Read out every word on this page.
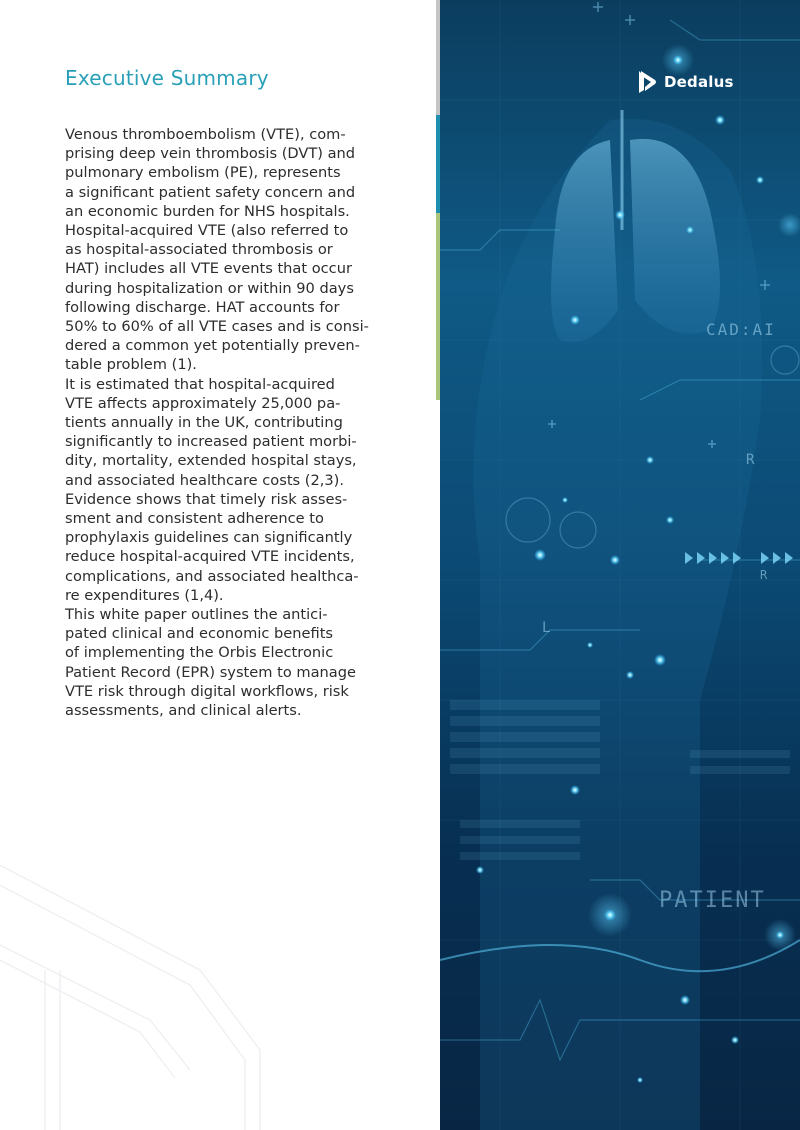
Executive Summary
Venous thromboembolism (VTE), com-
prising deep vein thrombosis (DVT) and
pulmonary embolism (PE), represents
a significant patient safety concern and
an economic burden for NHS hospitals.
Hospital-acquired VTE (also referred to
as hospital-associated thrombosis or
HAT) includes all VTE events that occur
during hospitalization or within 90 days
following discharge. HAT accounts for
50% to 60% of all VTE cases and is consi-
dered a common yet potentially preven-
table problem (1).
It is estimated that hospital-acquired
VTE affects approximately 25,000 pa-
tients annually in the UK, contributing
significantly to increased patient morbi-
dity, mortality, extended hospital stays,
and associated healthcare costs (2,3).
Evidence shows that timely risk asses-
sment and consistent adherence to
prophylaxis guidelines can significantly
reduce hospital-acquired VTE incidents,
complications, and associated healthca-
re expenditures (1,4).
This white paper outlines the antici-
pated clinical and economic benefits
of implementing the Orbis Electronic
Patient Record (EPR) system to manage
VTE risk through digital workflows, risk
assessments, and clinical alerts.
CAD:AI
PATIENT
R
R
L
Dedalus
